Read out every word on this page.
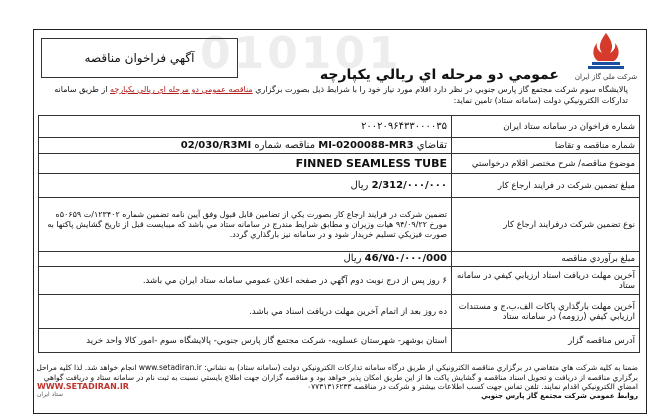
010101	شركت ملي گاز ايران
آگهي فراخوان مناقصه
عمومي دو مرحله اي ريالي يكپارچه
پالايشگاه سوم شركت مجتمع گاز پارس جنوبي در نظر دارد اقلام مورد نياز خود را با شرايط ذيل بصورت برگزاري مناقصه عمومي دو مرحله اي ريالي يكپارچه از طريق سامانه تداركات الكترونيكي دولت (سامانه ستاد) تامين نمايد:
شماره فراخوان در سامانه ستاد ايران	۲۰۰۲۰۹۶۴۳۳۰۰۰۰۳۵
شماره مناقصه و تقاضا	تقاضاي MI-0200088-MR3 مناقصه شماره 02/030/R3MI
موضوع مناقصه/ شرح مختصر اقلام درخواستي	FINNED SEAMLESS TUBE
مبلغ تضمين شركت در فرايند ارجاع كار	2/312/۰۰۰/۰۰۰ ريال
نوع تضمين شركت درفرايند ارجاع كار	تضمين شركت در فرايند ارجاع كار بصورت يكي از تضامين قابل قبول وفق آيين نامه تضمين شماره ۱۲۳۴۰۲/ت ۵۰۶۵۹ه مورخ ۹۴/۰۹/۲۲ هيات وزيران و مطابق شرايط مندرج در سامانه ستاد مي باشد كه ميبايست قبل از تاريخ گشايش پاكتها به صورت فيزيكي تسليم خريدار شود و در سامانه نيز بارگذاري گردد.
مبلغ برآوردي مناقصه	46/۷۵۰/۰۰۰/000 ريال
آخرين مهلت دريافت اسناد ارزيابي كيفي در سامانه ستاد	۶ روز پس از درج نوبت دوم آگهي در صفحه اعلان عمومي سامانه ستاد ايران مي باشد.
آخرين مهلت بارگذاري پاكات الف،ب،ج و مستندات ارزيابي كيفي (رزومه) در سامانه ستاد	ده روز بعد از اتمام آخرين مهلت دريافت اسناد مي باشد.
آدرس مناقصه گزار	استان بوشهر- شهرستان عسلويه- شركت مجتمع گاز پارس جنوبي- پالايشگاه سوم -امور كالا واحد خريد
ضمنا به كليه شركت هاي متقاضي در برگزاري مناقصه الكترونيكي از طريق درگاه سامانه تداركات الكترونيكي دولت (سامانه ستاد) به نشاني: www.setadiran.ir انجام خواهد شد. لذا كليه مراحل برگزاري مناقصه از دريافت و تحويل اسناد مناقصه و گشايش پاكت ها از اين طريق امكان پذير خواهد بود و مناقصه گزاران جهت اطلاع بايستي نسبت به ثبت نام در سامانه ستاد و دريافت گواهي امضاي الكترونيكي اقدام نمايند. تلفن تماس جهت كسب اطلاعات بيشتر و شركت در مناقصه ۰۷۷۳۱۳۱۶۲۳۳
روابط عمومي شركت مجتمع گاز پارس جنوبي
WWW.SETADIRAN.IR
ستاد ايران
